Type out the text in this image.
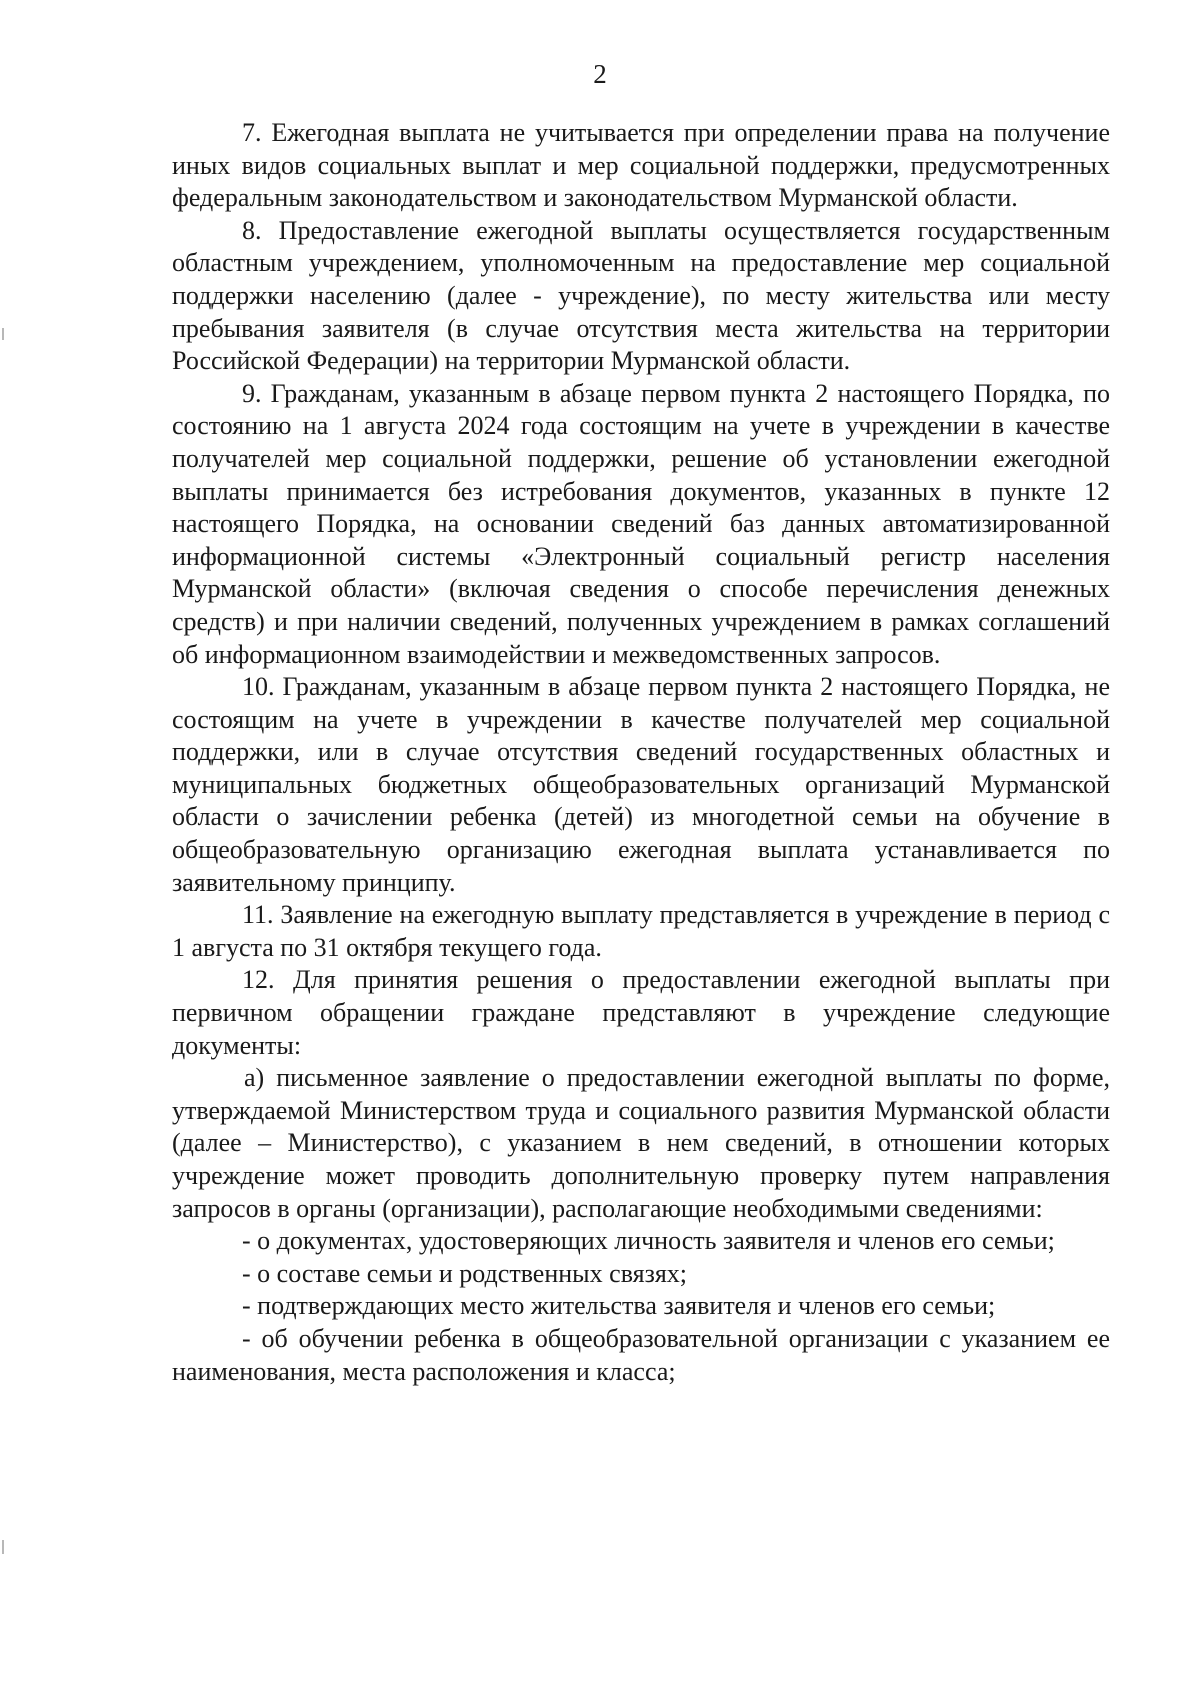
2

7. Ежегодная выплата не учитывается при определении права на получение иных видов социальных выплат и мер социальной поддержки, предусмотренных федеральным законодательством и законодательством Мурманской области.

8. Предоставление ежегодной выплаты осуществляется государственным областным учреждением, уполномоченным на предоставление мер социальной поддержки населению (далее - учреждение), по месту жительства или месту пребывания заявителя (в случае отсутствия места жительства на территории Российской Федерации) на территории Мурманской области.

9. Гражданам, указанным в абзаце первом пункта 2 настоящего Порядка, по состоянию на 1 августа 2024 года состоящим на учете в учреждении в качестве получателей мер социальной поддержки, решение об установлении ежегодной выплаты принимается без истребования документов, указанных в пункте 12 настоящего Порядка, на основании сведений баз данных автоматизированной информационной системы «Электронный социальный регистр населения Мурманской области» (включая сведения о способе перечисления денежных средств) и при наличии сведений, полученных учреждением в рамках соглашений об информационном взаимодействии и межведомственных запросов.

10. Гражданам, указанным в абзаце первом пункта 2 настоящего Порядка, не состоящим на учете в учреждении в качестве получателей мер социальной поддержки, или в случае отсутствия сведений государственных областных и муниципальных бюджетных общеобразовательных организаций Мурманской области о зачислении ребенка (детей) из многодетной семьи на обучение в общеобразовательную организацию ежегодная выплата устанавливается по заявительному принципу.

11. Заявление на ежегодную выплату представляется в учреждение в период с 1 августа по 31 октября текущего года.

12. Для принятия решения о предоставлении ежегодной выплаты при первичном обращении граждане представляют в учреждение следующие документы:

а) письменное заявление о предоставлении ежегодной выплаты по форме, утверждаемой Министерством труда и социального развития Мурманской области (далее – Министерство), с указанием в нем сведений, в отношении которых учреждение может проводить дополнительную проверку путем направления запросов в органы (организации), располагающие необходимыми сведениями:

- о документах, удостоверяющих личность заявителя и членов его семьи;

- о составе семьи и родственных связях;

- подтверждающих место жительства заявителя и членов его семьи;

- об обучении ребенка в общеобразовательной организации с указанием ее наименования, места расположения и класса;
